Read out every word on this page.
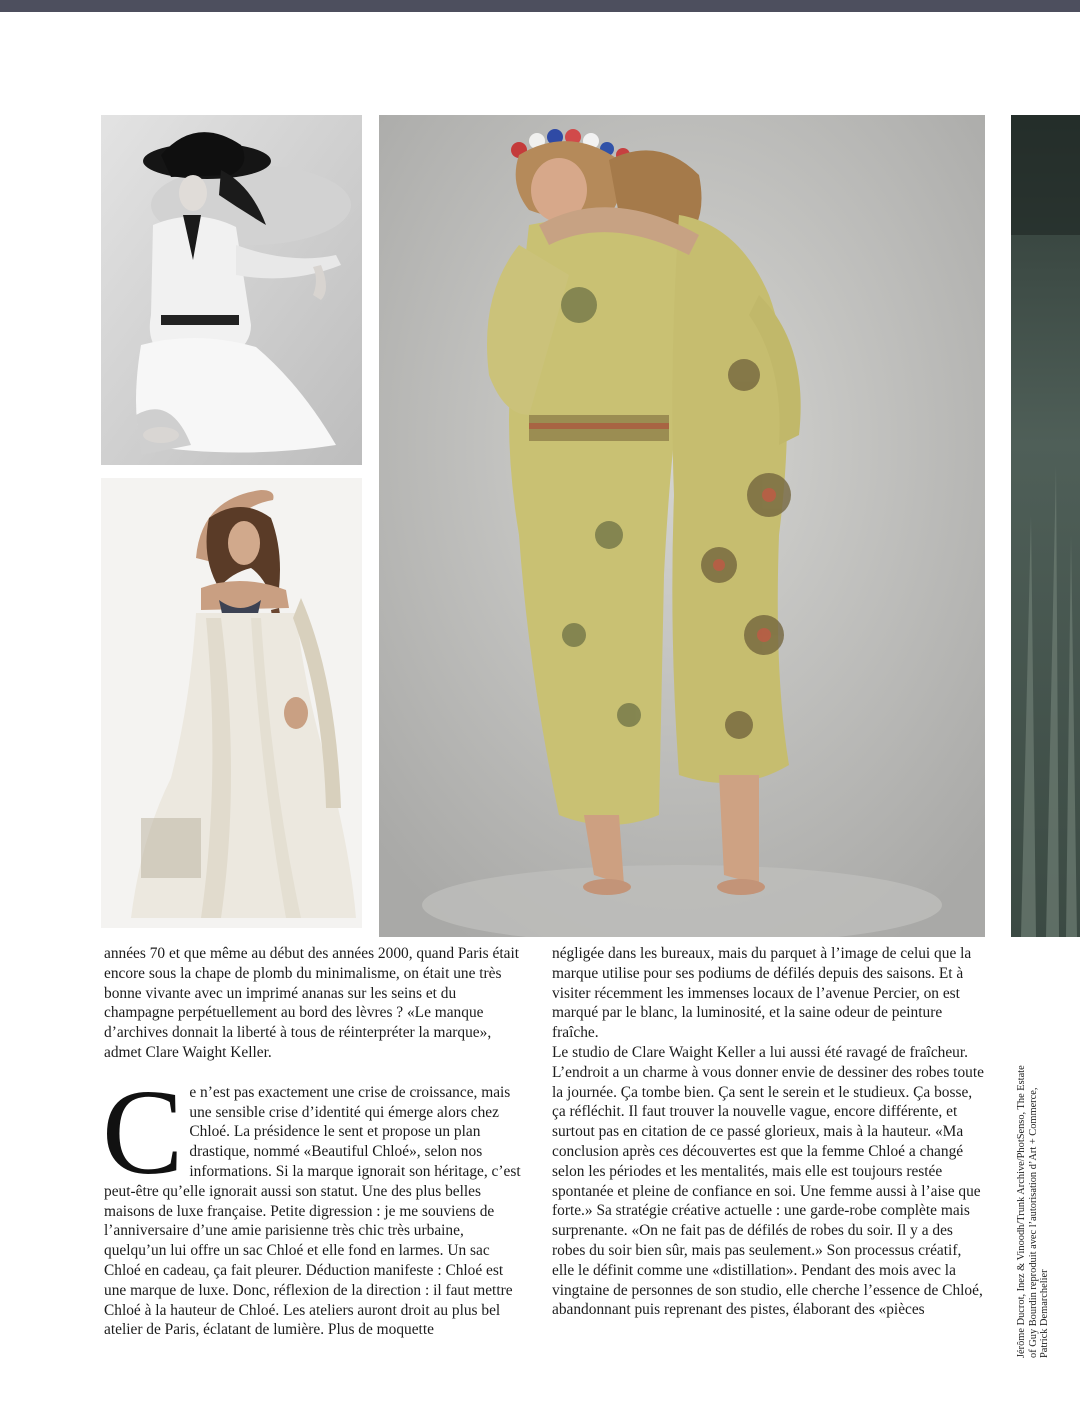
années 70 et que même au début des années 2000, quand Paris était encore sous la chape de plomb du minimalisme, on était une très bonne vivante avec un imprimé ananas sur les seins et du champagne perpétuellement au bord des lèvres ? «Le manque d’archives donnait la liberté à tous de réinterpréter la marque», admet Clare Waight Keller.

Ce n’est pas exactement une crise de croissance, mais une sensible crise d’identité qui émerge alors chez Chloé. La présidence le sent et propose un plan drastique, nommé «Beautiful Chloé», selon nos informations. Si la marque ignorait son héritage, c’est peut-être qu’elle ignorait aussi son statut. Une des plus belles maisons de luxe française. Petite digression : je me souviens de l’anniversaire d’une amie parisienne très chic très urbaine, quelqu’un lui offre un sac Chloé et elle fond en larmes. Un sac Chloé en cadeau, ça fait pleurer. Déduction manifeste : Chloé est une marque de luxe. Donc, réflexion de la direction : il faut mettre Chloé à la hauteur de Chloé. Les ateliers auront droit au plus bel atelier de Paris, éclatant de lumière. Plus de moquette

négligée dans les bureaux, mais du parquet à l’image de celui que la marque utilise pour ses podiums de défilés depuis des saisons. Et à visiter récemment les immenses locaux de l’avenue Percier, on est marqué par le blanc, la luminosité, et la saine odeur de peinture fraîche.

Le studio de Clare Waight Keller a lui aussi été ravagé de fraîcheur. L’endroit a un charme à vous donner envie de dessiner des robes toute la journée. Ça tombe bien. Ça sent le serein et le studieux. Ça bosse, ça réfléchit. Il faut trouver la nouvelle vague, encore différente, et surtout pas en citation de ce passé glorieux, mais à la hauteur. «Ma conclusion après ces découvertes est que la femme Chloé a changé selon les périodes et les mentalités, mais elle est toujours restée spontanée et pleine de confiance en soi. Une femme aussi à l’aise que forte.» Sa stratégie créative actuelle : une garde-robe complète mais surprenante. «On ne fait pas de défilés de robes du soir. Il y a des robes du soir bien sûr, mais pas seulement.» Son processus créatif, elle le définit comme une «distillation». Pendant des mois avec la vingtaine de personnes de son studio, elle cherche l’essence de Chloé, abandonnant puis reprenant des pistes, élaborant des «pièces	Jérôme Ducrot, Inez & Vinoodh/Trunk Archive/PhotSenso, The Estate of Guy Bourdin reproduit avec l’autorisation d’Art + Commerce, Patrick Demarchelier
